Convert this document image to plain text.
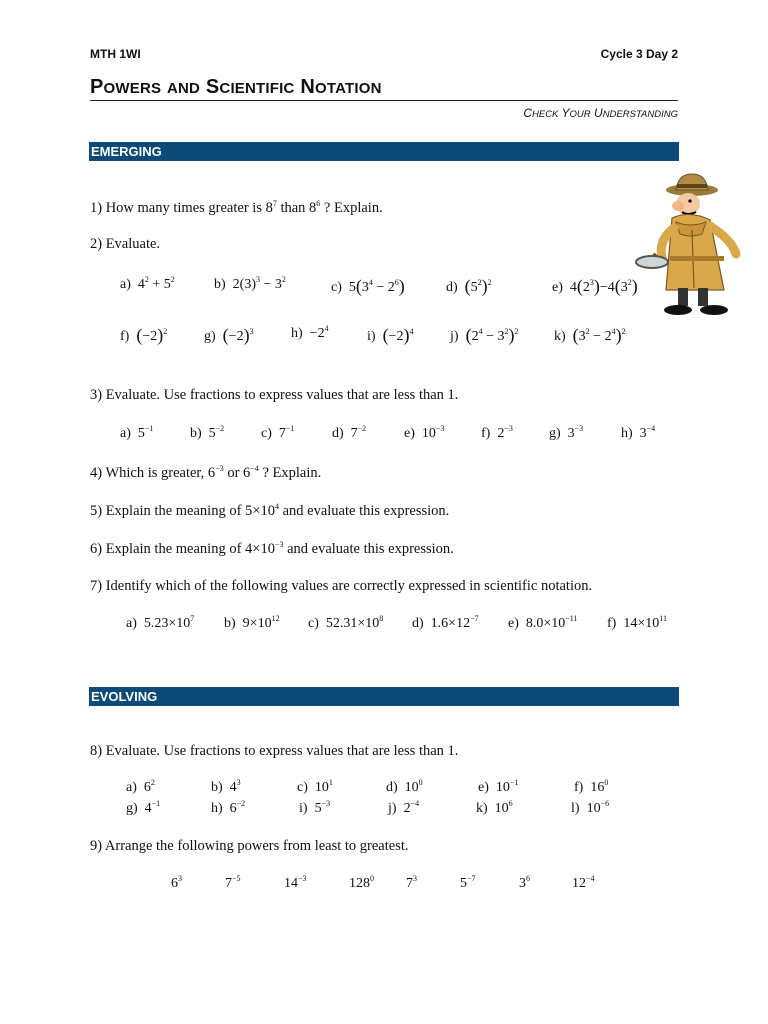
MTH 1WI	Cycle 3 Day 2
POWERS AND SCIENTIFIC NOTATION
CHECK YOUR UNDERSTANDING
EMERGING
1) How many times greater is $8^7$ than $8^6$ ? Explain.
2) Evaluate.
a)  $4^2 + 5^2$	b)  $2(3)^3 - 3^2$
c)  $5(3^4 - 2^6)$	d) $(5^2)^2$	e)  $4(2^3)-4(3^2)$
f) $(-2)^2$	g) $(-2)^3$	$h) -2^4$
i) $(-2)^4$	j) $(2^4 - 3^2)^2$	k) $(3^2 - 2^4)^2$
3) Evaluate. Use fractions to express values that are less than 1.
a) $5^{-1}$	b) $5^{-2}$	c) $7^{-1}$	d) $7^{-2}$	e) $10^{-3}$	f) $2^{-3}$	g) $3^{-3}$	h) $3^{-4}$
4) Which is greater, $6^{-3}$ or $6^{-4}$ ? Explain.
5) Explain the meaning of $5\times 10^4$ and evaluate this expression.
6) Explain the meaning of $4\times 10^{-3}$ and evaluate this expression.
7) Identify which of the following values are correctly expressed in scientific notation.
a) $5.23\times 10^7$ b) $9\times 10^{12}$ c) $52.31\times 10^8$ d) $1.6\times 12^{-7}$ e) $8.0\times 10^{-11}$ f) $14\times 10^{11}$
EVOLVING
8) Evaluate. Use fractions to express values that are less than 1.
a) $6^2$	b) $4^3$	c) $10^1$	d) $10^0$	e) $10^{-1}$	f) $16^0$
g) $4^{-1}$	h) $6^{-2}$	i) $5^{-3}$	j) $2^{-4}$	k) $10^6$	l) $10^{-6}$
9) Arrange the following powers from least to greatest.
$6^3$	$7^{-5}$	$14^{-3}$	$128^0$ $7^3$	$5^{-7}$	$3^6$	$12^{-4}$
